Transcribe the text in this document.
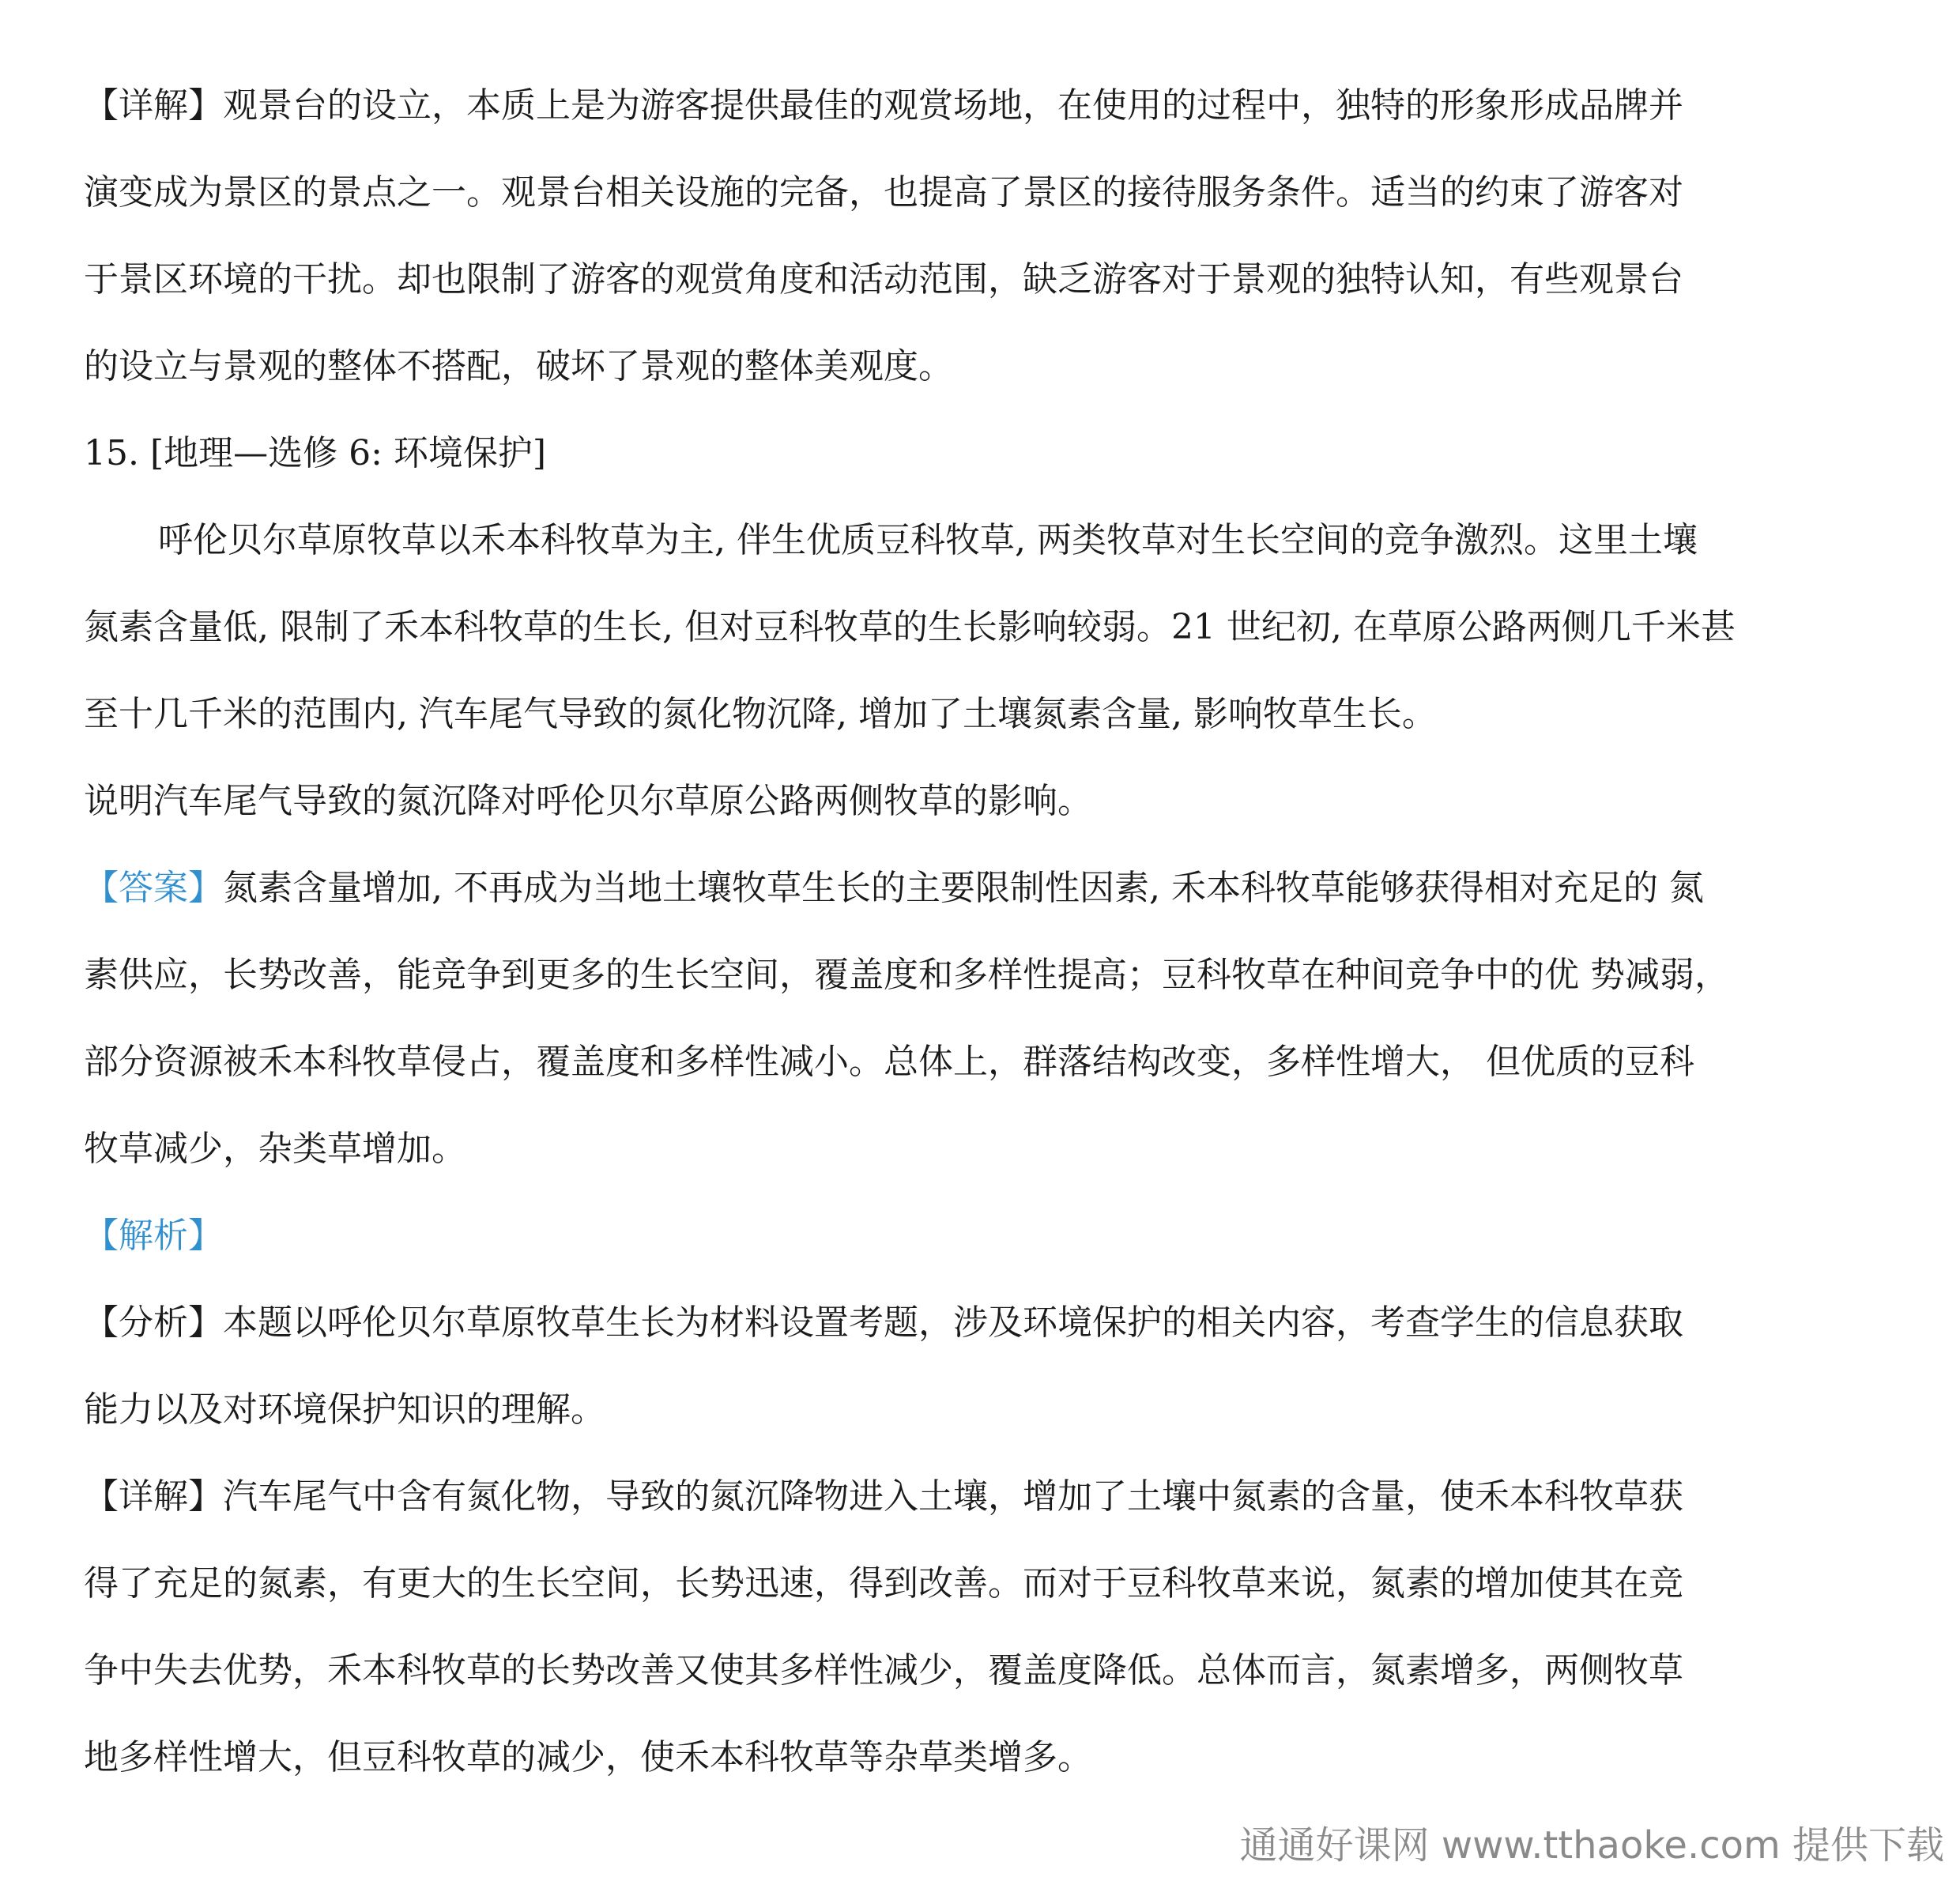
【详解】观景台的设立，本质上是为游客提供最佳的观赏场地，在使用的过程中，独特的形象形成品牌并
演变成为景区的景点之一。观景台相关设施的完备，也提高了景区的接待服务条件。适当的约束了游客对
于景区环境的干扰。却也限制了游客的观赏角度和活动范围，缺乏游客对于景观的独特认知，有些观景台
的设立与景观的整体不搭配，破坏了景观的整体美观度。
15. [地理—选修 6: 环境保护]
呼伦贝尔草原牧草以禾本科牧草为主, 伴生优质豆科牧草, 两类牧草对生长空间的竞争激烈。这里土壤
氮素含量低, 限制了禾本科牧草的生长, 但对豆科牧草的生长影响较弱。21 世纪初, 在草原公路两侧几千米甚
至十几千米的范围内, 汽车尾气导致的氮化物沉降, 增加了土壤氮素含量, 影响牧草生长。
说明汽车尾气导致的氮沉降对呼伦贝尔草原公路两侧牧草的影响。
【答案】氮素含量增加, 不再成为当地土壤牧草生长的主要限制性因素, 禾本科牧草能够获得相对充足的 氮
素供应，长势改善，能竞争到更多的生长空间，覆盖度和多样性提高；豆科牧草在种间竞争中的优 势减弱，
部分资源被禾本科牧草侵占，覆盖度和多样性减小。总体上，群落结构改变，多样性增大， 但优质的豆科
牧草减少，杂类草增加。
【解析】
【分析】本题以呼伦贝尔草原牧草生长为材料设置考题，涉及环境保护的相关内容，考查学生的信息获取
能力以及对环境保护知识的理解。
【详解】汽车尾气中含有氮化物，导致的氮沉降物进入土壤，增加了土壤中氮素的含量，使禾本科牧草获
得了充足的氮素，有更大的生长空间，长势迅速，得到改善。而对于豆科牧草来说，氮素的增加使其在竞
争中失去优势，禾本科牧草的长势改善又使其多样性减少，覆盖度降低。总体而言，氮素增多，两侧牧草
地多样性增大，但豆科牧草的减少，使禾本科牧草等杂草类增多。
通通好课网 www.tthaoke.com 提供下载
